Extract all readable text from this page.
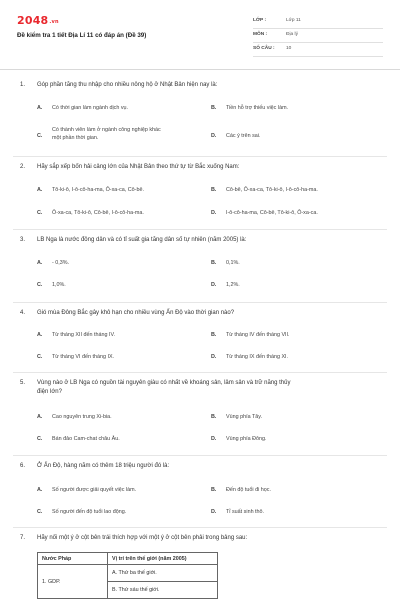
2048.vn
Đề kiểm tra 1 tiết Địa Lí 11 có đáp án (Đề 39)
LỚP :	Lớp 11
MÔN :	Địa lý
SỐ CÂU : 10
1. Góp phần tăng thu nhập cho nhiều nông hộ ở Nhật Bản hiện nay là:
A. Có thời gian làm ngành dịch vụ.	B. Tiền hỗ trợ thiếu việc làm.
C.
Có thành viên làm ở ngành công nghiệp khác một phần thời gian.	D. Các ý trên sai.
2. Hãy sắp xếp bốn hải cảng lớn của Nhật Bản theo thứ tự từ Bắc xuống Nam:
A. Tô-ki-ô, I-ô-cô-ha-ma, Ô-xa-ca, Cô-bê.	B. Cô-bê, Ô-xa-ca, Tô-ki-ô, I-ô-cô-ha-ma.
C. Ô-xa-ca, Tô-ki-ô, Cô-bê, I-ô-cô-ha-ma.	D. I-ô-cô-ha-ma, Cô-bê, Tô-ki-ô, Ô-xa-ca.
3. LB Nga là nước đông dân và có tỉ suất gia tăng dân số tự nhiên (năm 2005) là:
A. - 0,3%.	B. 0,1%.
C. 1,0%.	D. 1,2%.
4. Gió mùa Đông Bắc gây khô hạn cho nhiều vùng Ấn Độ vào thời gian nào?
A. Từ tháng XII đến tháng IV.	B. Từ tháng IV đến tháng VII.
C. Từ tháng VI đến tháng IX.	D. Từ tháng IX đến tháng XI.
5. Vùng nào ở LB Nga có nguồn tài nguyên giàu có nhất về khoáng sản, lâm sản và trữ năng thủy
điện lớn?
A. Cao nguyên trung Xi-bia.	B. Vùng phía Tây.
C. Bán đảo Cam-chat châu Âu.	D. Vùng phía Đông.
6. Ở Ấn Độ, hàng năm có thêm 18 triệu người đó là:
A. Số người được giải quyết việc làm.	B. Đến độ tuổi đi học.
C. Số người đến độ tuổi lao động.	D. Tỉ suất sinh thô.
7. Hãy nối một ý ở cột bên trái thích hợp với một ý ở cột bên phải trong bảng sau:
Nước Pháp	Vị trí trên thế giới (năm 2005)
1. GDP.	A. Thứ ba thế giới.
	B. Thứ sáu thế giới.
